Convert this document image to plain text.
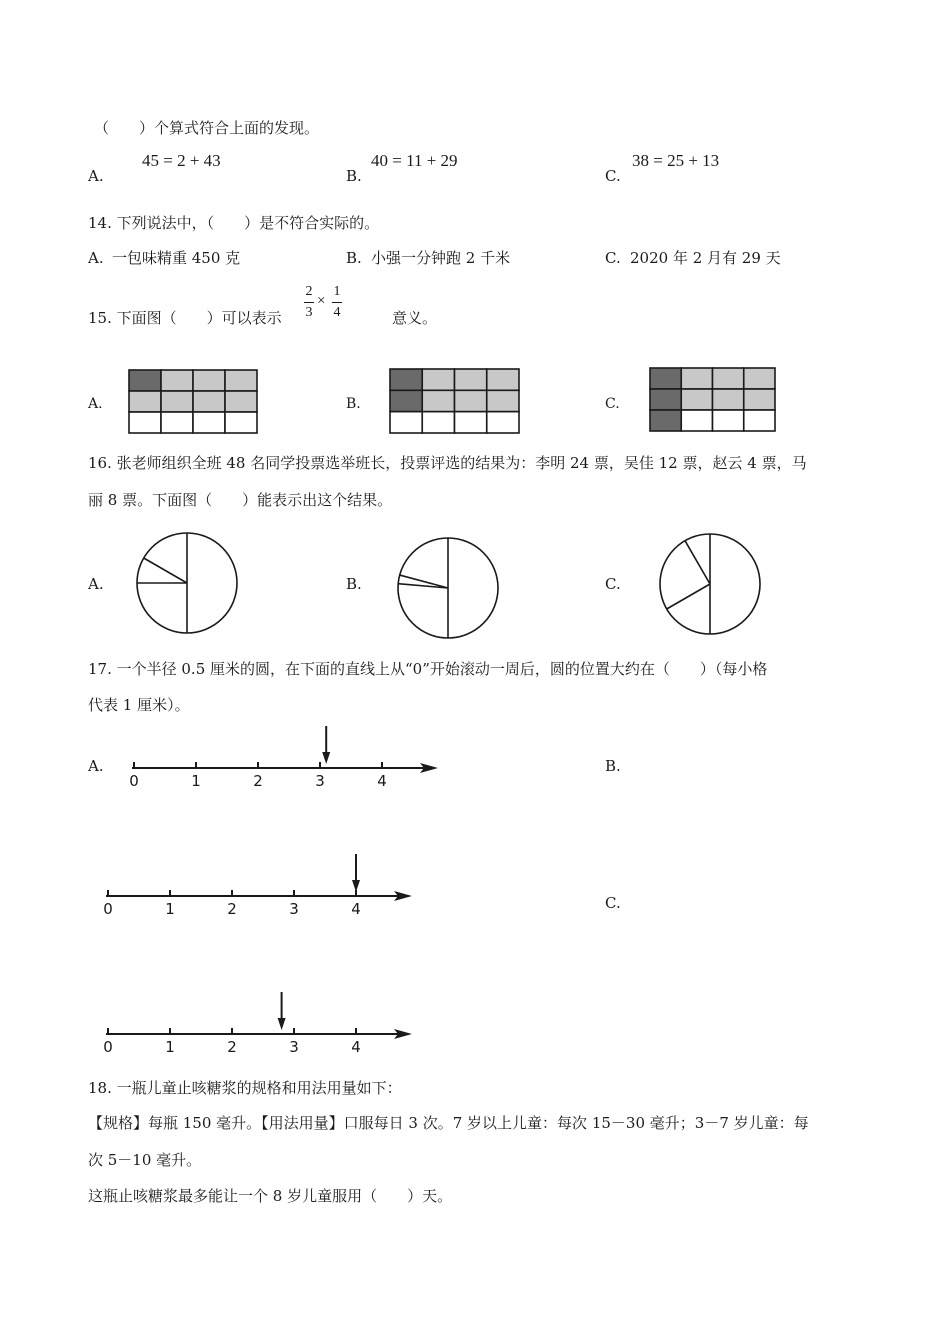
（　　）个算式符合上面的发现。
A.
45 = 2 + 43
B.
40 = 11 + 29
C.
38 = 25 + 13
14. 下列说法中，（　　）是不符合实际的。
A. 一包味精重 450 克	B. 小强一分钟跑 2 千米	C. 2020 年 2 月有 29 天
15. 下面图（　　）可以表示
2
3
×
1
4	意义。
A.	B.	C.
16. 张老师组织全班 48 名同学投票选举班长，投票评选的结果为：李明 24 票，吴佳 12 票，赵云 4 票，马
丽 8 票。下面图（　　）能表示出这个结果。
A.	B.	C.
17. 一个半径 0.5 厘米的圆，在下面的直线上从“0”开始滚动一周后，圆的位置大约在（　　）（每小格
代表 1 厘米）。
A.
0	1	2	3	4
B.
0	1	2	3	4	C.
0	1	2	3	4
18. 一瓶儿童止咳糖浆的规格和用法用量如下：
【规格】每瓶 150 毫升。【用法用量】口服每日 3 次。7 岁以上儿童：每次 15－30 毫升；3－7 岁儿童：每
次 5－10 毫升。
这瓶止咳糖浆最多能让一个 8 岁儿童服用（　　）天。
